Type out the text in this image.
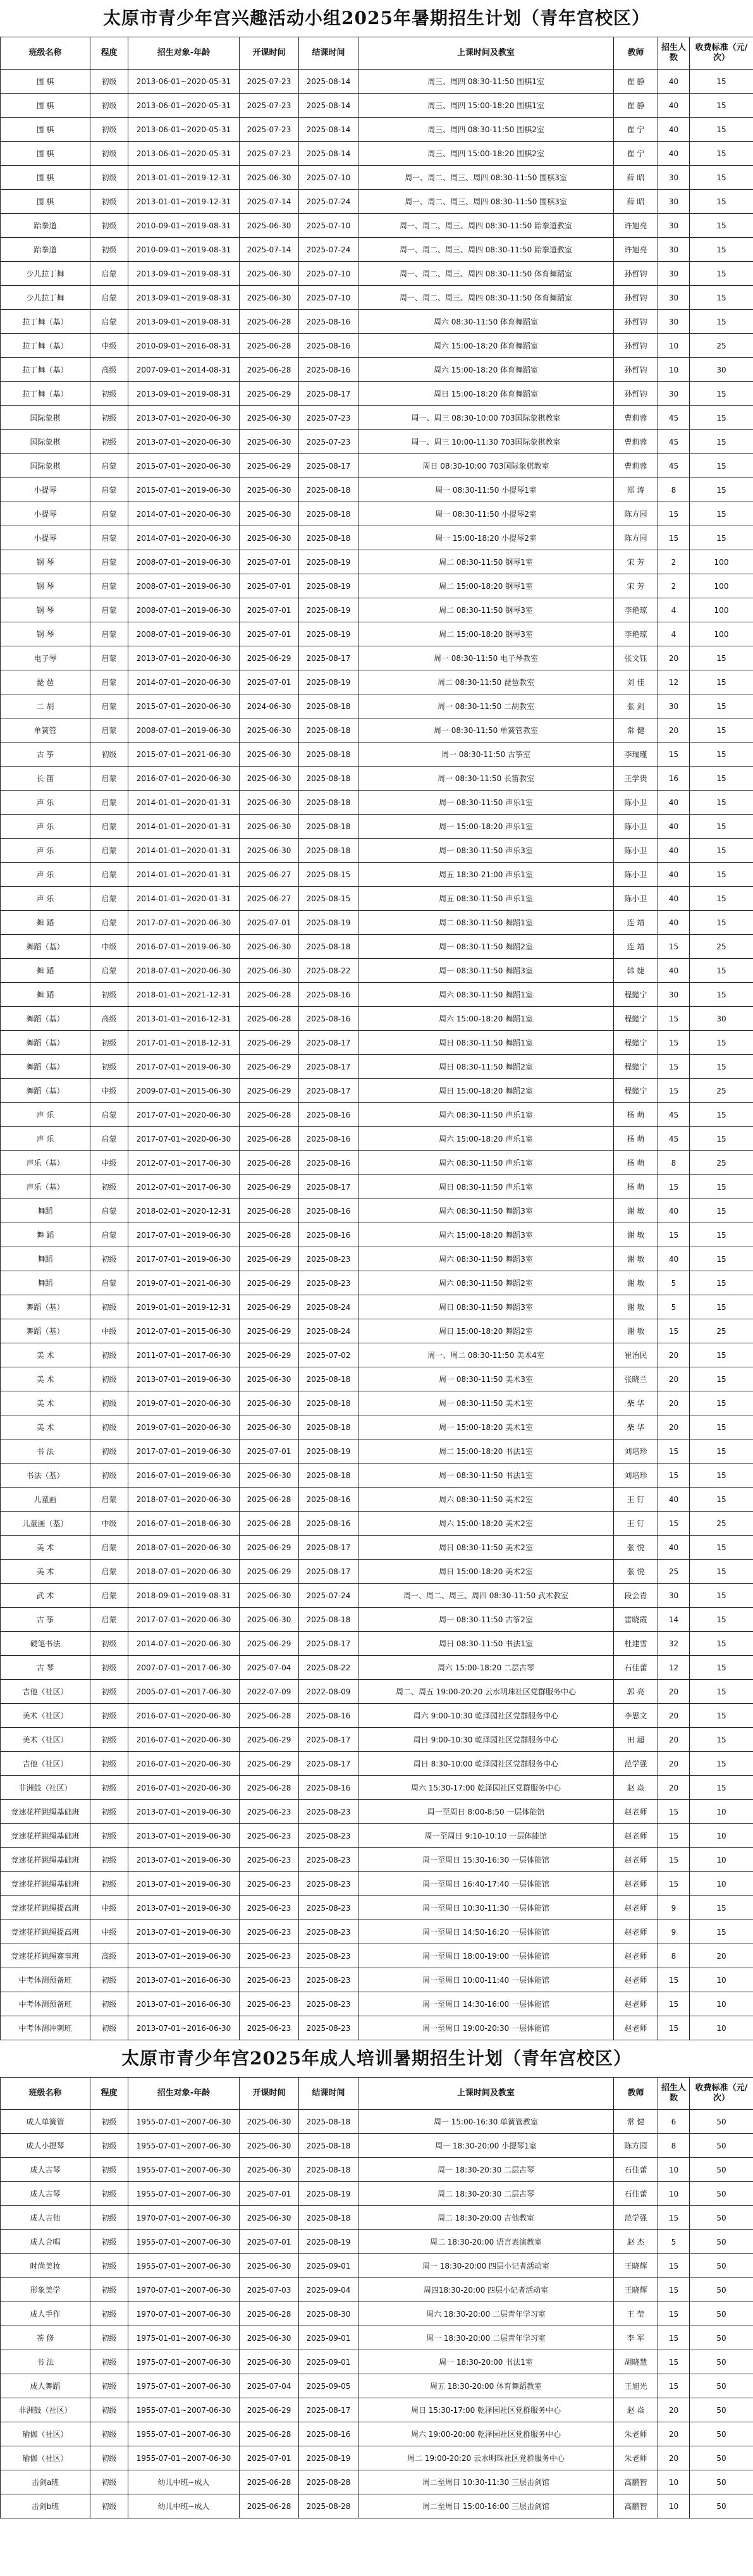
太原市青少年宫兴趣活动小组2025年暑期招生计划（青年宫校区）
班级名称	程度	招生对象-年龄	开课时间	结课时间	上课时间及教室	教师	招生人数	收费标准（元/次）
围 棋	初级	2013-06-01~2020-05-31	2025-07-23	2025-08-14	周三、周四 08:30-11:50 围棋1室	崔 静	40	15
围 棋	初级	2013-06-01~2020-05-31	2025-07-23	2025-08-14	周三、周四 15:00-18:20 围棋1室	崔 静	40	15
围 棋	初级	2013-06-01~2020-05-31	2025-07-23	2025-08-14	周三、周四 08:30-11:50 围棋2室	崔 宁	40	15
围 棋	初级	2013-06-01~2020-05-31	2025-07-23	2025-08-14	周三、周四 15:00-18:20 围棋2室	崔 宁	40	15
围 棋	初级	2013-01-01~2019-12-31	2025-06-30	2025-07-10	周一、周二、周三、周四 08:30-11:50 围棋3室	薛 昭	30	15
围 棋	初级	2013-01-01~2019-12-31	2025-07-14	2025-07-24	周一、周二、周三、周四 08:30-11:50 围棋3室	薛 昭	30	15
跆拳道	初级	2010-09-01~2019-08-31	2025-06-30	2025-07-10	周一、周二、周三、周四 08:30-11:50 跆拳道教室	许旭亮	30	15
跆拳道	初级	2010-09-01~2019-08-31	2025-07-14	2025-07-24	周一、周二、周三、周四 08:30-11:50 跆拳道教室	许旭亮	30	15
少儿拉丁舞	启蒙	2013-09-01~2019-08-31	2025-06-30	2025-07-10	周一、周二、周三、周四 08:30-11:50 体育舞蹈室	孙哲钧	30	15
少儿拉丁舞	启蒙	2013-09-01~2019-08-31	2025-06-30	2025-07-10	周一、周二、周三、周四 08:30-11:50 体育舞蹈室	孙哲钧	30	15
拉丁舞（基）	启蒙	2013-09-01~2019-08-31	2025-06-28	2025-08-16	周六 08:30-11:50 体育舞蹈室	孙哲钧	30	15
拉丁舞（基）	中级	2010-09-01~2016-08-31	2025-06-28	2025-08-16	周六 15:00-18:20 体育舞蹈室	孙哲钧	10	25
拉丁舞（基）	高级	2007-09-01~2014-08-31	2025-06-28	2025-08-16	周六 15:00-18:20 体育舞蹈室	孙哲钧	10	30
拉丁舞（基）	初级	2013-09-01~2019-08-31	2025-06-29	2025-08-17	周日 15:00-18:20 体育舞蹈室	孙哲钧	30	15
国际象棋	初级	2013-07-01~2020-06-30	2025-06-30	2025-07-23	周一、周三 08:30-10:00 703国际象棋教室	曹莉蓉	45	15
国际象棋	初级	2013-07-01~2020-06-30	2025-06-30	2025-07-23	周一、周三 10:00-11:30 703国际象棋教室	曹莉蓉	45	15
国际象棋	启蒙	2015-07-01~2020-06-30	2025-06-29	2025-08-17	周日 08:30-10:00 703国际象棋教室	曹莉蓉	45	15
小提琴	启蒙	2015-07-01~2019-06-30	2025-06-30	2025-08-18	周一 08:30-11:50 小提琴1室	郑 涛	8	15
小提琴	启蒙	2014-07-01~2020-06-30	2025-06-30	2025-08-18	周一 08:30-11:50 小提琴2室	陈方园	15	15
小提琴	启蒙	2014-07-01~2020-06-30	2025-06-30	2025-08-18	周一 15:00-18:20 小提琴2室	陈方园	15	15
钢 琴	启蒙	2008-07-01~2019-06-30	2025-07-01	2025-08-19	周二 08:30-11:50 钢琴1室	宋 芳	2	100
钢 琴	启蒙	2008-07-01~2019-06-30	2025-07-01	2025-08-19	周二 15:00-18:20 钢琴1室	宋 芳	2	100
钢 琴	启蒙	2008-07-01~2019-06-30	2025-07-01	2025-08-19	周二 08:30-11:50 钢琴3室	李艳琼	4	100
钢 琴	启蒙	2008-07-01~2019-06-30	2025-07-01	2025-08-19	周二 15:00-18:20 钢琴3室	李艳琼	4	100
电子琴	启蒙	2013-07-01~2020-06-30	2025-06-29	2025-08-17	周一 08:30-11:50 电子琴教室	张文钰	20	15
琵 琶	启蒙	2014-07-01~2020-06-30	2025-07-01	2025-08-19	周二 08:30-11:50 琵琶教室	刘 佳	12	15
二 胡	启蒙	2015-07-01~2020-06-30	2024-06-30	2025-08-18	周一 08:30-11:50 二胡教室	张 剑	30	15
单簧管	启蒙	2008-07-01~2019-06-30	2025-06-30	2025-08-18	周一 08:30-11:50 单簧管教室	常 健	20	15
古 筝	初级	2015-07-01~2021-06-30	2025-06-30	2025-08-18	周一 08:30-11:50 古筝室	李瑞瑾	15	15
长 笛	启蒙	2016-07-01~2020-06-30	2025-06-30	2025-08-18	周一 08:30-11:50 长笛教室	王学贵	16	15
声 乐	启蒙	2014-01-01~2020-01-31	2025-06-30	2025-08-18	周一 08:30-11:50 声乐1室	陈小卫	40	15
声 乐	启蒙	2014-01-01~2020-01-31	2025-06-30	2025-08-18	周一 15:00-18:20 声乐1室	陈小卫	40	15
声 乐	启蒙	2014-01-01~2020-01-31	2025-06-30	2025-08-18	周一 08:30-11:50 声乐3室	陈小卫	40	15
声 乐	启蒙	2014-01-01~2020-01-31	2025-06-27	2025-08-15	周五 18:30-21:00 声乐1室	陈小卫	40	15
声 乐	启蒙	2014-01-01~2020-01-31	2025-06-27	2025-08-15	周五 08:30-11:50 声乐1室	陈小卫	40	15
舞 蹈	启蒙	2017-07-01~2020-06-30	2025-07-01	2025-08-19	周二 08:30-11:50 舞蹈1室	连 靖	40	15
舞蹈（基）	中级	2016-07-01~2019-06-30	2025-06-30	2025-08-18	周一 08:30-11:50 舞蹈2室	连 靖	15	25
舞 蹈	启蒙	2018-07-01~2020-06-30	2025-06-30	2025-08-22	周一 08:30-11:50 舞蹈3室	韩 婕	40	15
舞 蹈	初级	2018-01-01~2021-12-31	2025-06-28	2025-08-16	周六 08:30-11:50 舞蹈1室	程懿宁	30	15
舞蹈（基）	高级	2013-01-01~2016-12-31	2025-06-28	2025-08-16	周六 15:00-18:20 舞蹈1室	程懿宁	15	30
舞蹈（基）	初级	2017-01-01~2018-12-31	2025-06-29	2025-08-17	周日 08:30-11:50 舞蹈1室	程懿宁	15	15
舞蹈（基）	初级	2017-07-01~2019-06-30	2025-06-29	2025-08-17	周日 08:30-11:50 舞蹈2室	程懿宁	15	15
舞蹈（基）	中级	2009-07-01~2015-06-30	2025-06-29	2025-08-17	周日 15:00-18:20 舞蹈2室	程懿宁	15	25
声 乐	启蒙	2017-07-01~2020-06-30	2025-06-28	2025-08-16	周六 08:30-11:50 声乐1室	杨 萌	45	15
声 乐	启蒙	2017-07-01~2020-06-30	2025-06-28	2025-08-16	周六 15:00-18:20 声乐1室	杨 萌	45	15
声乐（基）	中级	2012-07-01~2017-06-30	2025-06-28	2025-08-16	周六 08:30-11:50 声乐1室	杨 萌	8	25
声乐（基）	初级	2012-07-01~2017-06-30	2025-06-29	2025-08-17	周日 08:30-11:50 声乐1室	杨 萌	15	15
舞蹈	启蒙	2018-02-01~2020-12-31	2025-06-28	2025-08-16	周六 08:30-11:50 舞蹈3室	谢 敏	40	15
舞 蹈	启蒙	2017-07-01~2019-06-30	2025-06-28	2025-08-16	周六 15:00-18:20 舞蹈3室	谢 敏	15	15
舞蹈	初级	2017-07-01~2019-06-30	2025-06-29	2025-08-23	周六 08:30-11:50 舞蹈3室	谢 敏	40	15
舞蹈	启蒙	2019-07-01~2021-06-30	2025-06-29	2025-08-23	周六 08:30-11:50 舞蹈2室	谢 敏	5	15
舞蹈（基）	初级	2019-01-01~2019-12-31	2025-06-29	2025-08-24	周日 08:30-11:50 舞蹈3室	谢 敏	5	15
舞蹈（基）	中级	2012-07-01~2015-06-30	2025-06-29	2025-08-24	周日 15:00-18:20 舞蹈2室	谢 敏	15	25
美 术	初级	2011-07-01~2017-06-30	2025-06-29	2025-07-02	周一、周二 08:30-11:50 美术4室	崔治民	20	15
美 术	初级	2013-07-01~2019-06-30	2025-06-30	2025-08-18	周一 08:30-11:50 美术3室	张晓兰	20	15
美 术	初级	2019-07-01~2020-06-30	2025-06-30	2025-08-18	周一 08:30-11:50 美术1室	柴 华	20	15
美 术	初级	2019-07-01~2020-06-30	2025-06-30	2025-08-18	周一 15:00-18:20 美术1室	柴 华	20	15
书 法	初级	2017-07-01~2019-06-30	2025-07-01	2025-08-19	周二 15:00-18:20 书法1室	刘培珍	15	15
书法（基）	初级	2016-07-01~2019-06-30	2025-06-30	2025-08-18	周一 08:30-11:50 书法1室	刘培珍	15	15
儿童画	启蒙	2018-07-01~2020-06-30	2025-06-28	2025-08-16	周六 08:30-11:50 美术2室	王 钉	40	15
儿童画（基）	中级	2016-07-01~2018-06-30	2025-06-28	2025-08-16	周六 15:00-18:20 美术2室	王 钉	15	25
美 术	启蒙	2018-07-01~2020-06-30	2025-06-29	2025-08-17	周日 08:30-11:50 美术2室	张 悦	40	15
美 术	启蒙	2018-07-01~2020-06-30	2025-06-29	2025-08-17	周日 15:00-18:20 美术2室	张 悦	25	15
武 术	启蒙	2018-09-01~2019-08-31	2025-06-30	2025-07-24	周一、周二、周三、周四 08:30-11:50 武术教室	段会青	30	15
古 筝	启蒙	2017-07-01~2020-06-30	2025-06-30	2025-08-18	周一 08:30-11:50 古筝2室	雷晓霞	14	15
硬笔书法	初级	2014-07-01~2020-06-30	2025-06-29	2025-08-17	周日 08:30-11:50 书法1室	杜建雪	32	15
古 琴	初级	2007-07-01~2017-06-30	2025-07-04	2025-08-22	周六 15:00-18:20 二层古琴	石佳蕾	12	15
吉他（社区）	初级	2005-07-01~2017-06-30	2022-07-09	2022-08-09	周二、周五 19:00-20:20 云水明珠社区党群服务中心	郭 亮	20	15
美术（社区）	初级	2016-07-01~2020-06-30	2025-06-28	2025-08-16	周六 9:00-10:30 乾泽园社区党群服务中心	李思文	20	15
美术（社区）	初级	2016-07-01~2020-06-30	2025-06-29	2025-08-17	周日 9:00-10:30 乾泽园社区党群服务中心	田 超	20	15
吉他（社区）	初级	2016-07-01~2020-06-30	2025-06-29	2025-08-17	周日 8:30-10:00 乾泽园社区党群服务中心	范学强	20	15
非洲鼓（社区）	初级	2016-07-01~2020-06-30	2025-06-28	2025-08-16	周六 15:30-17:00 乾泽园社区党群服务中心	赵 焱	20	15
竞速花样跳绳基础班	初级	2013-07-01~2019-06-30	2025-06-23	2025-08-23	周一至周日 8:00-8:50 一层体能馆	赵老师	15	10
竞速花样跳绳基础班	初级	2013-07-01~2019-06-30	2025-06-23	2025-08-23	周一至周日 9:10-10:10 一层体能馆	赵老师	15	10
竞速花样跳绳基础班	初级	2013-07-01~2019-06-30	2025-06-23	2025-08-23	周一至周日 15:30-16:30 一层体能馆	赵老师	15	10
竞速花样跳绳基础班	初级	2013-07-01~2019-06-30	2025-06-23	2025-08-23	周一至周日 16:40-17:40 一层体能馆	赵老师	15	10
竞速花样跳绳提高班	中级	2013-07-01~2019-06-30	2025-06-23	2025-08-23	周一至周日 10:30-11:30 一层体能馆	赵老师	9	15
竞速花样跳绳提高班	中级	2013-07-01~2019-06-30	2025-06-23	2025-08-23	周一至周日 14:50-16:20 一层体能馆	赵老师	9	15
竞速花样跳绳赛事班	高级	2013-07-01~2019-06-30	2025-06-23	2025-08-23	周一至周日 18:00-19:00 一层体能馆	赵老师	8	20
中考体测预备班	初级	2013-07-01~2016-06-30	2025-06-23	2025-08-23	周一至周日 10:00-11:40 一层体能馆	赵老师	15	10
中考体测预备班	初级	2013-07-01~2016-06-30	2025-06-23	2025-08-23	周一至周日 14:30-16:00 一层体能馆	赵老师	15	10
中考体测冲刺班	初级	2013-07-01~2016-06-30	2025-06-23	2025-08-23	周一至周日 19:00-20:30 一层体能馆	赵老师	15	10
太原市青少年宫2025年成人培训暑期招生计划（青年宫校区）
班级名称	程度	招生对象-年龄	开课时间	结课时间	上课时间及教室	教师	招生人数	收费标准（元/次）
成人单簧管	初级	1955-07-01~2007-06-30	2025-06-30	2025-08-18	周一 15:00-16:30 单簧管教室	常 健	6	50
成人小提琴	初级	1955-07-01~2007-06-30	2025-06-30	2025-08-18	周一 18:30-20:00 小提琴1室	陈方园	8	50
成人古琴	初级	1955-07-01~2007-06-30	2025-06-30	2025-08-18	周一 18:30-20:30 二层古琴	石佳蕾	10	50
成人古琴	初级	1955-07-01~2007-06-30	2025-07-01	2025-08-19	周二 18:30-20:30 二层古琴	石佳蕾	10	50
成人吉他	初级	1970-07-01~2007-06-30	2025-06-30	2025-08-18	周二 18:30-20:00 吉他教室	范学强	15	50
成人合唱	初级	1955-07-01~2007-06-30	2025-07-01	2025-08-19	周二 18:30-20:00 语言表演教室	赵 杰	5	50
时尚美妆	初级	1955-07-01~2007-06-30	2025-06-30	2025-09-01	周一 18:30-20:00 四层小记者活动室	王晓辉	15	50
形象美学	初级	1970-07-01~2007-06-30	2025-07-03	2025-09-04	周四18:30-20:00 四层小记者活动室	王晓辉	15	50
成人手作	初级	1970-07-01~2007-06-30	2025-06-28	2025-08-30	周六 18:30-20:00 二层青年学习室	王 莹	15	50
茶 修	初级	1975-01-01~2007-06-30	2025-06-30	2025-09-01	周一 18:30-20:00 二层青年学习室	李 军	15	50
书 法	初级	1975-07-01~2007-06-30	2025-06-30	2025-09-01	周一 18:30-20:00 书法1室	胡晓慧	15	50
成人舞蹈	初级	1975-07-01~2007-06-30	2025-07-04	2025-09-05	周五 18:30-20:00 体育舞蹈教室	王旭光	15	50
非洲鼓（社区）	初级	1955-07-01~2007-06-30	2025-06-29	2025-08-17	周日 15:30-17:00 乾泽园社区党群服务中心	赵 焱	20	50
瑜伽（社区）	初级	1955-07-01~2007-06-30	2025-06-28	2025-08-16	周六 19:00-20:00 乾泽园社区党群服务中心	朱老师	20	50
瑜伽（社区）	初级	1955-07-01~2007-06-30	2025-07-01	2025-08-19	周二 19:00-20:20 云水明珠社区党群服务中心	朱老师	20	50
击剑a班	初级	幼儿中班~成人	2025-06-28	2025-08-28	周二至周日 10:30-11:30 三层击剑馆	高鹏智	10	50
击剑b班	初级	幼儿中班~成人	2025-06-28	2025-08-28	周二至周日 15:00-16:00 三层击剑馆	高鹏智	10	50
